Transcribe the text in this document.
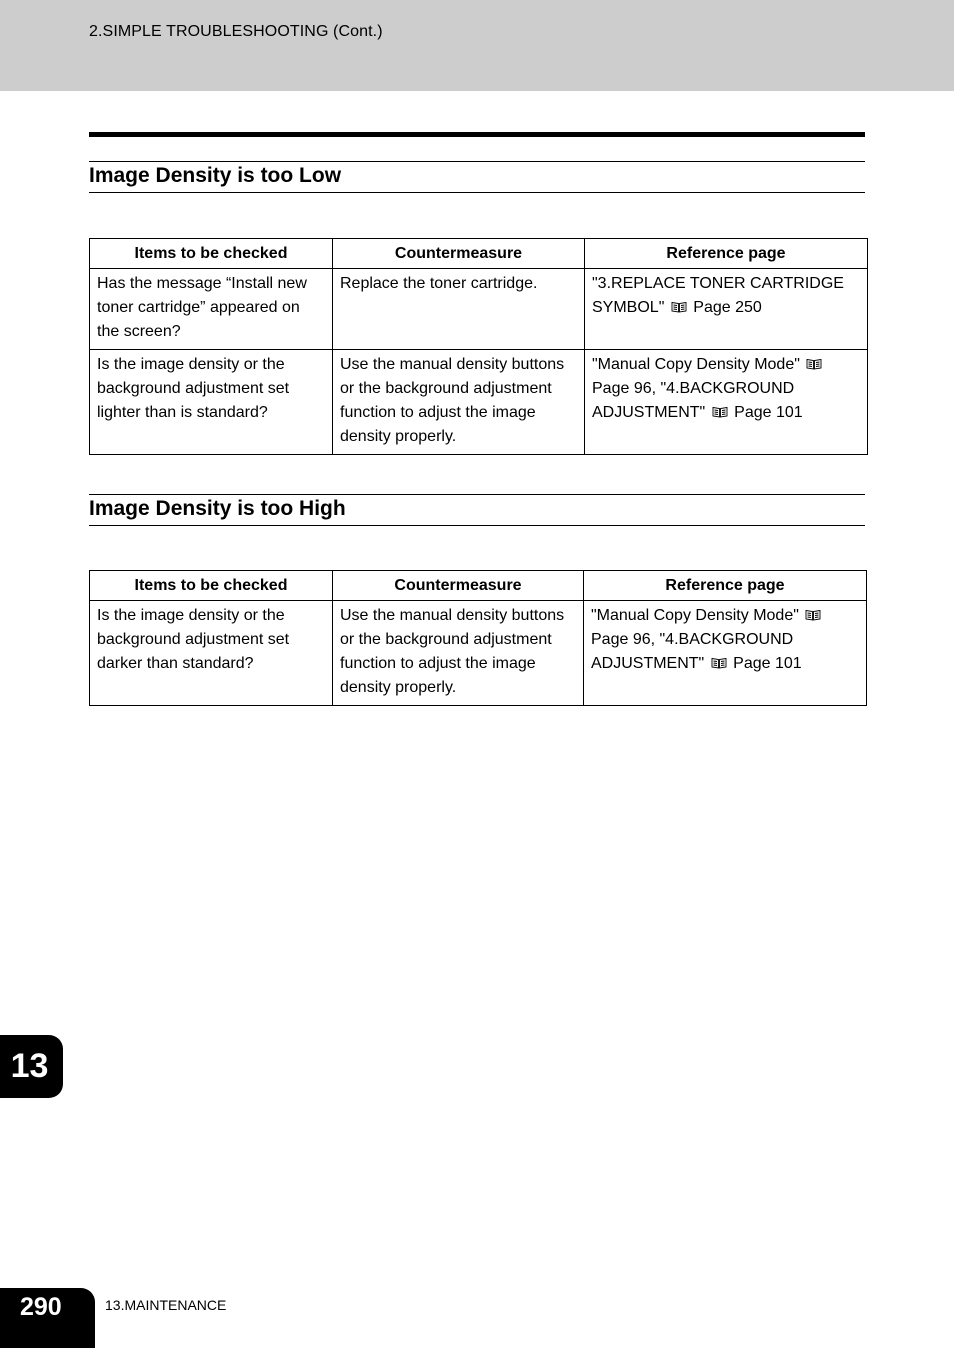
2.SIMPLE TROUBLESHOOTING (Cont.)
Image Density is too Low
Items to be checked	Countermeasure	Reference page
Has the message “Install new toner cartridge” appeared on the screen?	Replace the toner cartridge.	"3.REPLACE TONER CARTRIDGE SYMBOL" Page 250
Is the image density or the background adjustment set lighter than is standard?	Use the manual density buttons or the background adjustment function to adjust the image density properly.	"Manual Copy Density Mode"  Page 96, "4.BACKGROUND ADJUSTMENT" Page 101
Image Density is too High
Items to be checked	Countermeasure	Reference page
Is the image density or the background adjustment set darker than standard?	Use the manual density buttons or the background adjustment function to adjust the image density properly.	"Manual Copy Density Mode"  Page 96, "4.BACKGROUND ADJUSTMENT" Page 101
13
290	13.MAINTENANCE
